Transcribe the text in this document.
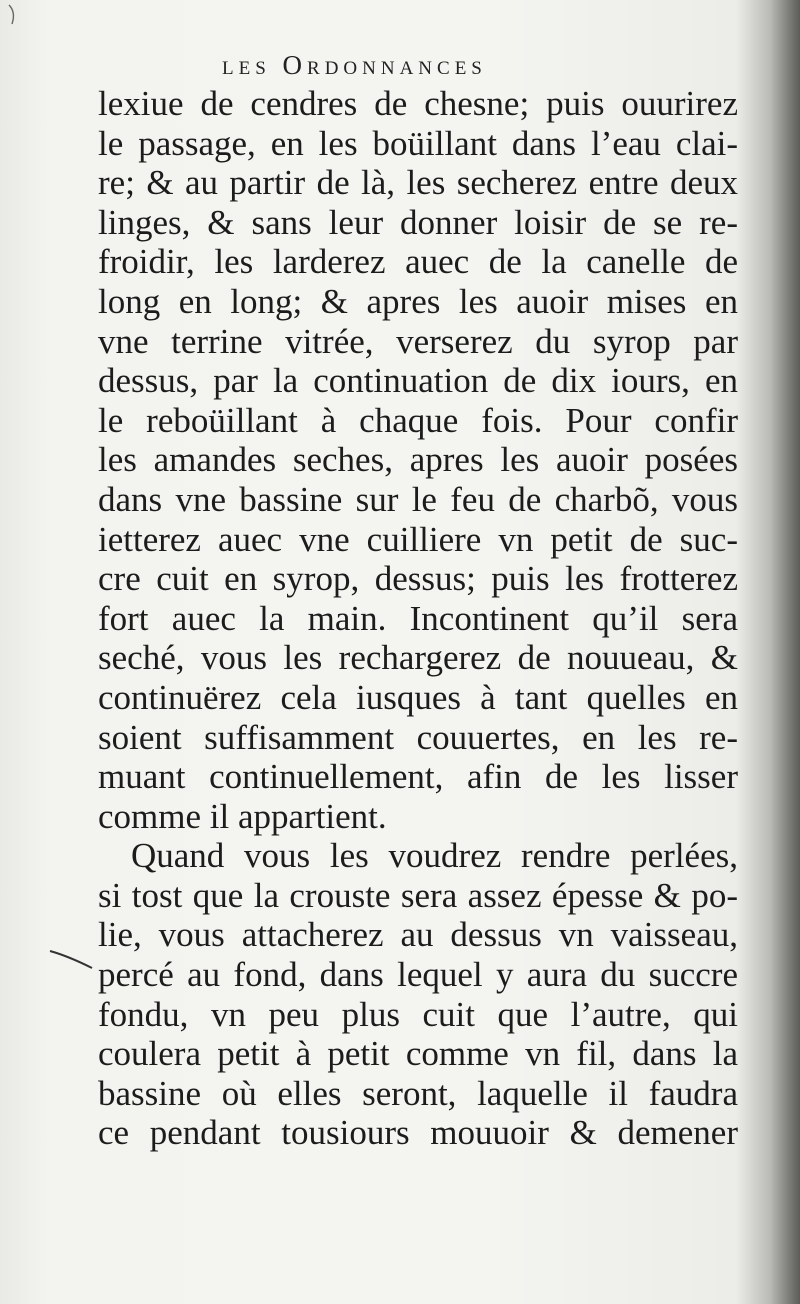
les Ordonnances
lexiue de cendres de chesne; puis ouurirez
le passage, en les boüillant dans l’eau clai-
re; & au partir de là, les secherez entre deux
linges, & sans leur donner loisir de se re-
froidir, les larderez auec de la canelle de
long en long; & apres les auoir mises en
vne terrine vitrée, verserez du syrop par
dessus, par la continuation de dix iours, en
le reboüillant à chaque fois. Pour confir
les amandes seches, apres les auoir posées
dans vne bassine sur le feu de charbõ, vous
ietterez auec vne cuilliere vn petit de suc-
cre cuit en syrop, dessus; puis les frotterez
fort auec la main. Incontinent qu’il sera
seché, vous les rechargerez de nouueau, &
continuërez cela iusques à tant quelles en
soient suffisamment couuertes, en les re-
muant continuellement, afin de les lisser
comme il appartient.
Quand vous les voudrez rendre perlées,
si tost que la crouste sera assez épesse & po-
lie, vous attacherez au dessus vn vaisseau,
percé au fond, dans lequel y aura du succre
fondu, vn peu plus cuit que l’autre, qui
coulera petit à petit comme vn fil, dans la
bassine où elles seront, laquelle il faudra
ce pendant tousiours mouuoir & demener
